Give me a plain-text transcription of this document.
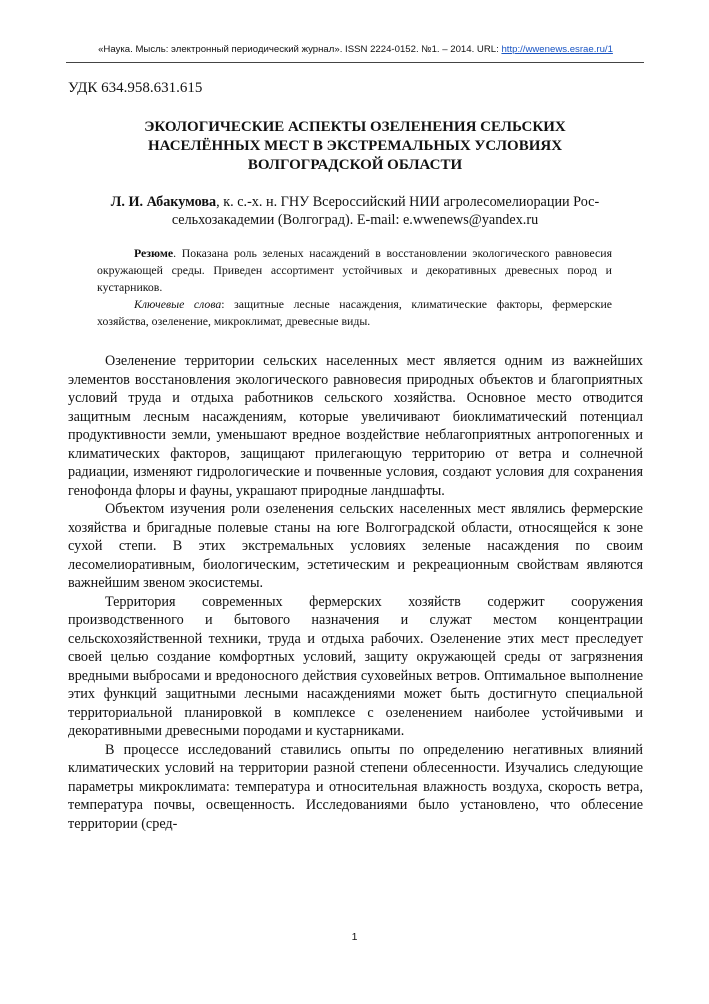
«Наука. Мысль: электронный периодический журнал». ISSN 2224-0152. №1. – 2014. URL: http://wwenews.esrae.ru/1
УДК 634.958.631.615
ЭКОЛОГИЧЕСКИЕ АСПЕКТЫ ОЗЕЛЕНЕНИЯ СЕЛЬСКИХ
НАСЕЛЁННЫХ МЕСТ В ЭКСТРЕМАЛЬНЫХ УСЛОВИЯХ
ВОЛГОГРАДСКОЙ ОБЛАСТИ
Л. И. Абакумова, к. с.-х. н. ГНУ Всероссийский НИИ агролесомелиорации Россельхозакадемии (Волгоград). E-mail: e.wwenews@yandex.ru

Резюме. Показана роль зеленых насаждений в восстановлении экологического равновесия окружающей среды. Приведен ассортимент устойчивых и декоративных древесных пород и кустарников.

Ключевые слова: защитные лесные насаждения, климатические факторы, фермерские хозяйства, озеленение, микроклимат, древесные виды.

Озеленение территории сельских населенных мест является одним из важнейших элементов восстановления экологического равновесия природных объектов и благоприятных условий труда и отдыха работников сельского хозяйства. Основное место отводится защитным лесным насаждениям, которые увеличивают биоклиматический потенциал продуктивности земли, уменьшают вредное воздействие неблагоприятных антропогенных и климатических факторов, защищают прилегающую территорию от ветра и солнечной радиации, изменяют гидрологические и почвенные условия, создают условия для сохранения генофонда флоры и фауны, украшают природные ландшафты.

Объектом изучения роли озеленения сельских населенных мест являлись фермерские хозяйства и бригадные полевые станы на юге Волгоградской области, относящейся к зоне сухой степи. В этих экстремальных условиях зеленые насаждения по своим лесомелиоративным, биологическим, эстетическим и рекреационным свойствам являются важнейшим звеном экосистемы.

Территория современных фермерских хозяйств содержит сооружения производственного и бытового назначения и служат местом концентрации сельскохозяйственной техники, труда и отдыха рабочих. Озеленение этих мест преследует своей целью создание комфортных условий, защиту окружающей среды от загрязнения вредными выбросами и вредоносного действия суховейных ветров. Оптимальное выполнение этих функций защитными лесными насаждениями может быть достигнуто специальной территориальной планировкой в комплексе с озеленением наиболее устойчивыми и декоративными древесными породами и кустарниками.

В процессе исследований ставились опыты по определению негативных влияний климатических условий на территории разной степени облесенности. Изучались следующие параметры микроклимата: температура и относительная влажность воздуха, скорость ветра, температура почвы, освещенность. Исследованиями было установлено, что облесение территории (сред-

1
